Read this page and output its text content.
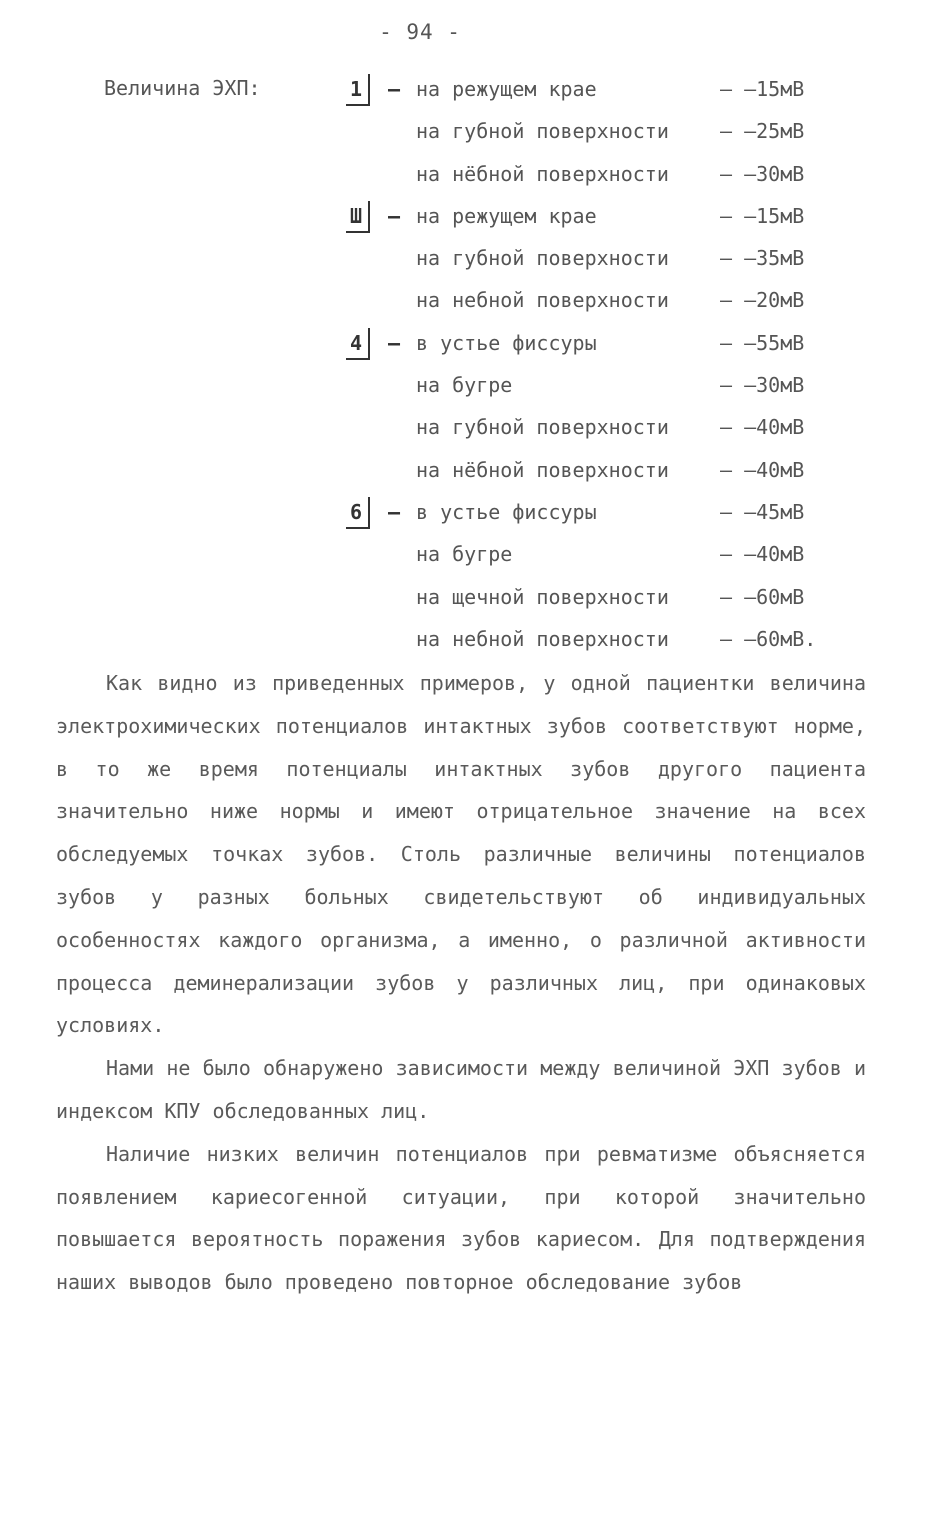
- 94 -
Величина ЭХП:	1	– на режущем крае	– –15мВ
на губной поверхности	– –25мВ
на нёбной поверхности	– –30мВ
Ш	– на режущем крае	– –15мВ
на губной поверхности	– –35мВ
на небной поверхности	– –20мВ
4	– в устье фиссуры	– –55мВ
на бугре	– –30мВ
на губной поверхности	– –40мВ
на нёбной поверхности	– –40мВ
6	– в устье фиссуры	– –45мВ
на бугре	– –40мВ
на щечной поверхности	– –60мВ
на небной поверхности	– –60мВ.

Как видно из приведенных примеров, у одной пациентки величина электрохимических потенциалов интактных зубов соответствуют норме, в то же время потенциалы интактных зубов другого пациента значительно ниже нормы и имеют отрицательное значение на всех обследуемых точках зубов. Столь различные величины потенциалов зубов у разных больных свидетельствуют об индивидуальных особенностях каждого организма, а именно, о различной активности процесса деминерализации зубов у различных лиц, при одинаковых условиях.

Нами не было обнаружено зависимости между величиной ЭХП зубов и индексом КПУ обследованных лиц.

Наличие низких величин потенциалов при ревматизме объясняется появлением кариесогенной ситуации, при которой значительно повышается вероятность поражения зубов кариесом. Для подтверждения наших выводов было проведено повторное обследование зубов
